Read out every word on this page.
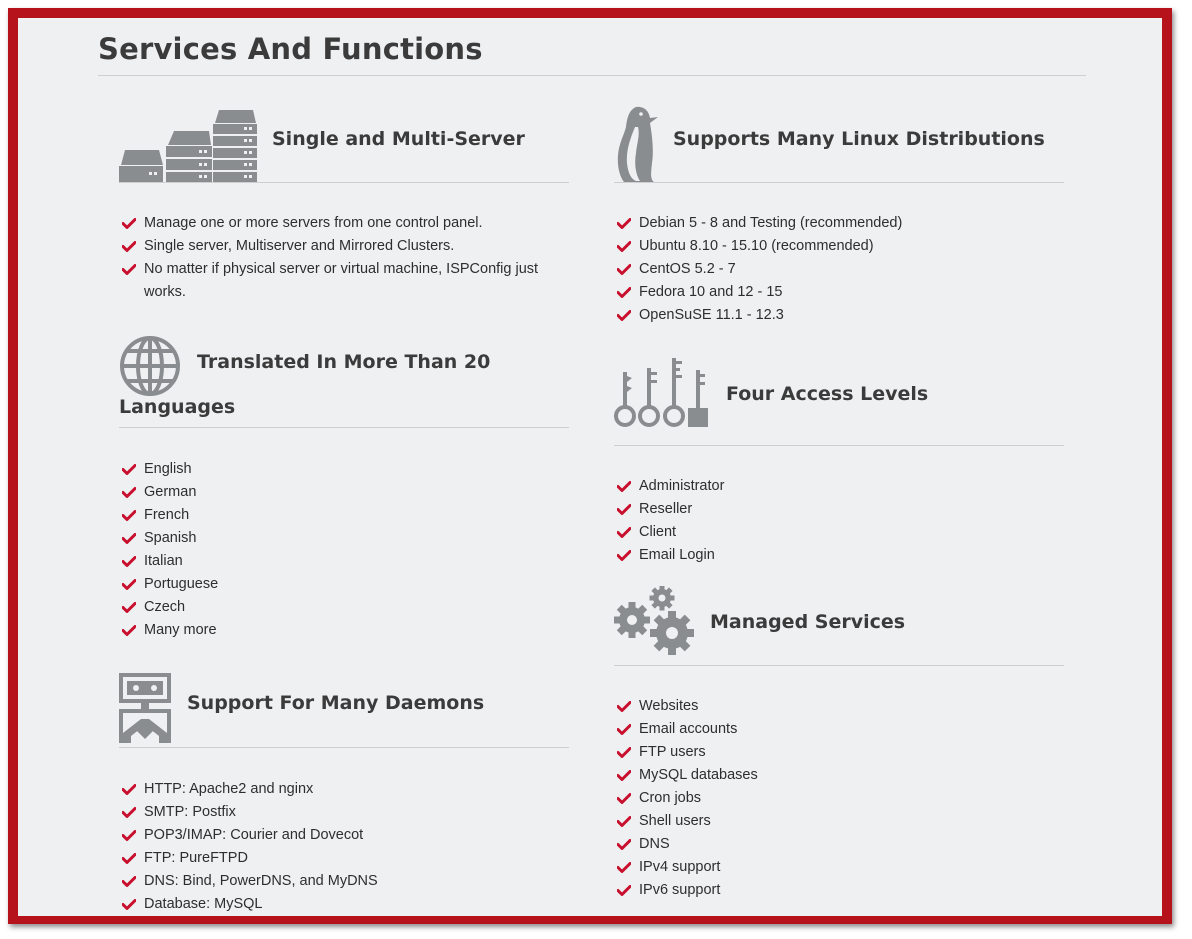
Services And Functions
Single and Multi-Server
Manage one or more servers from one control panel.
Single server, Multiserver and Mirrored Clusters.
No matter if physical server or virtual machine, ISPConfig just works.
Supports Many Linux Distributions
Debian 5 - 8 and Testing (recommended)
Ubuntu 8.10 - 15.10 (recommended)
CentOS 5.2 - 7
Fedora 10 and 12 - 15
OpenSuSE 11.1 - 12.3
Translated In More Than 20 Languages
English
German
French
Spanish
Italian
Portuguese
Czech
Many more
Four Access Levels
Administrator
Reseller
Client
Email Login
Managed Services
Websites
Email accounts
FTP users
MySQL databases
Cron jobs
Shell users
DNS
IPv4 support
IPv6 support
Support For Many Daemons
HTTP: Apache2 and nginx
SMTP: Postfix
POP3/IMAP: Courier and Dovecot
FTP: PureFTPD
DNS: Bind, PowerDNS, and MyDNS
Database: MySQL
